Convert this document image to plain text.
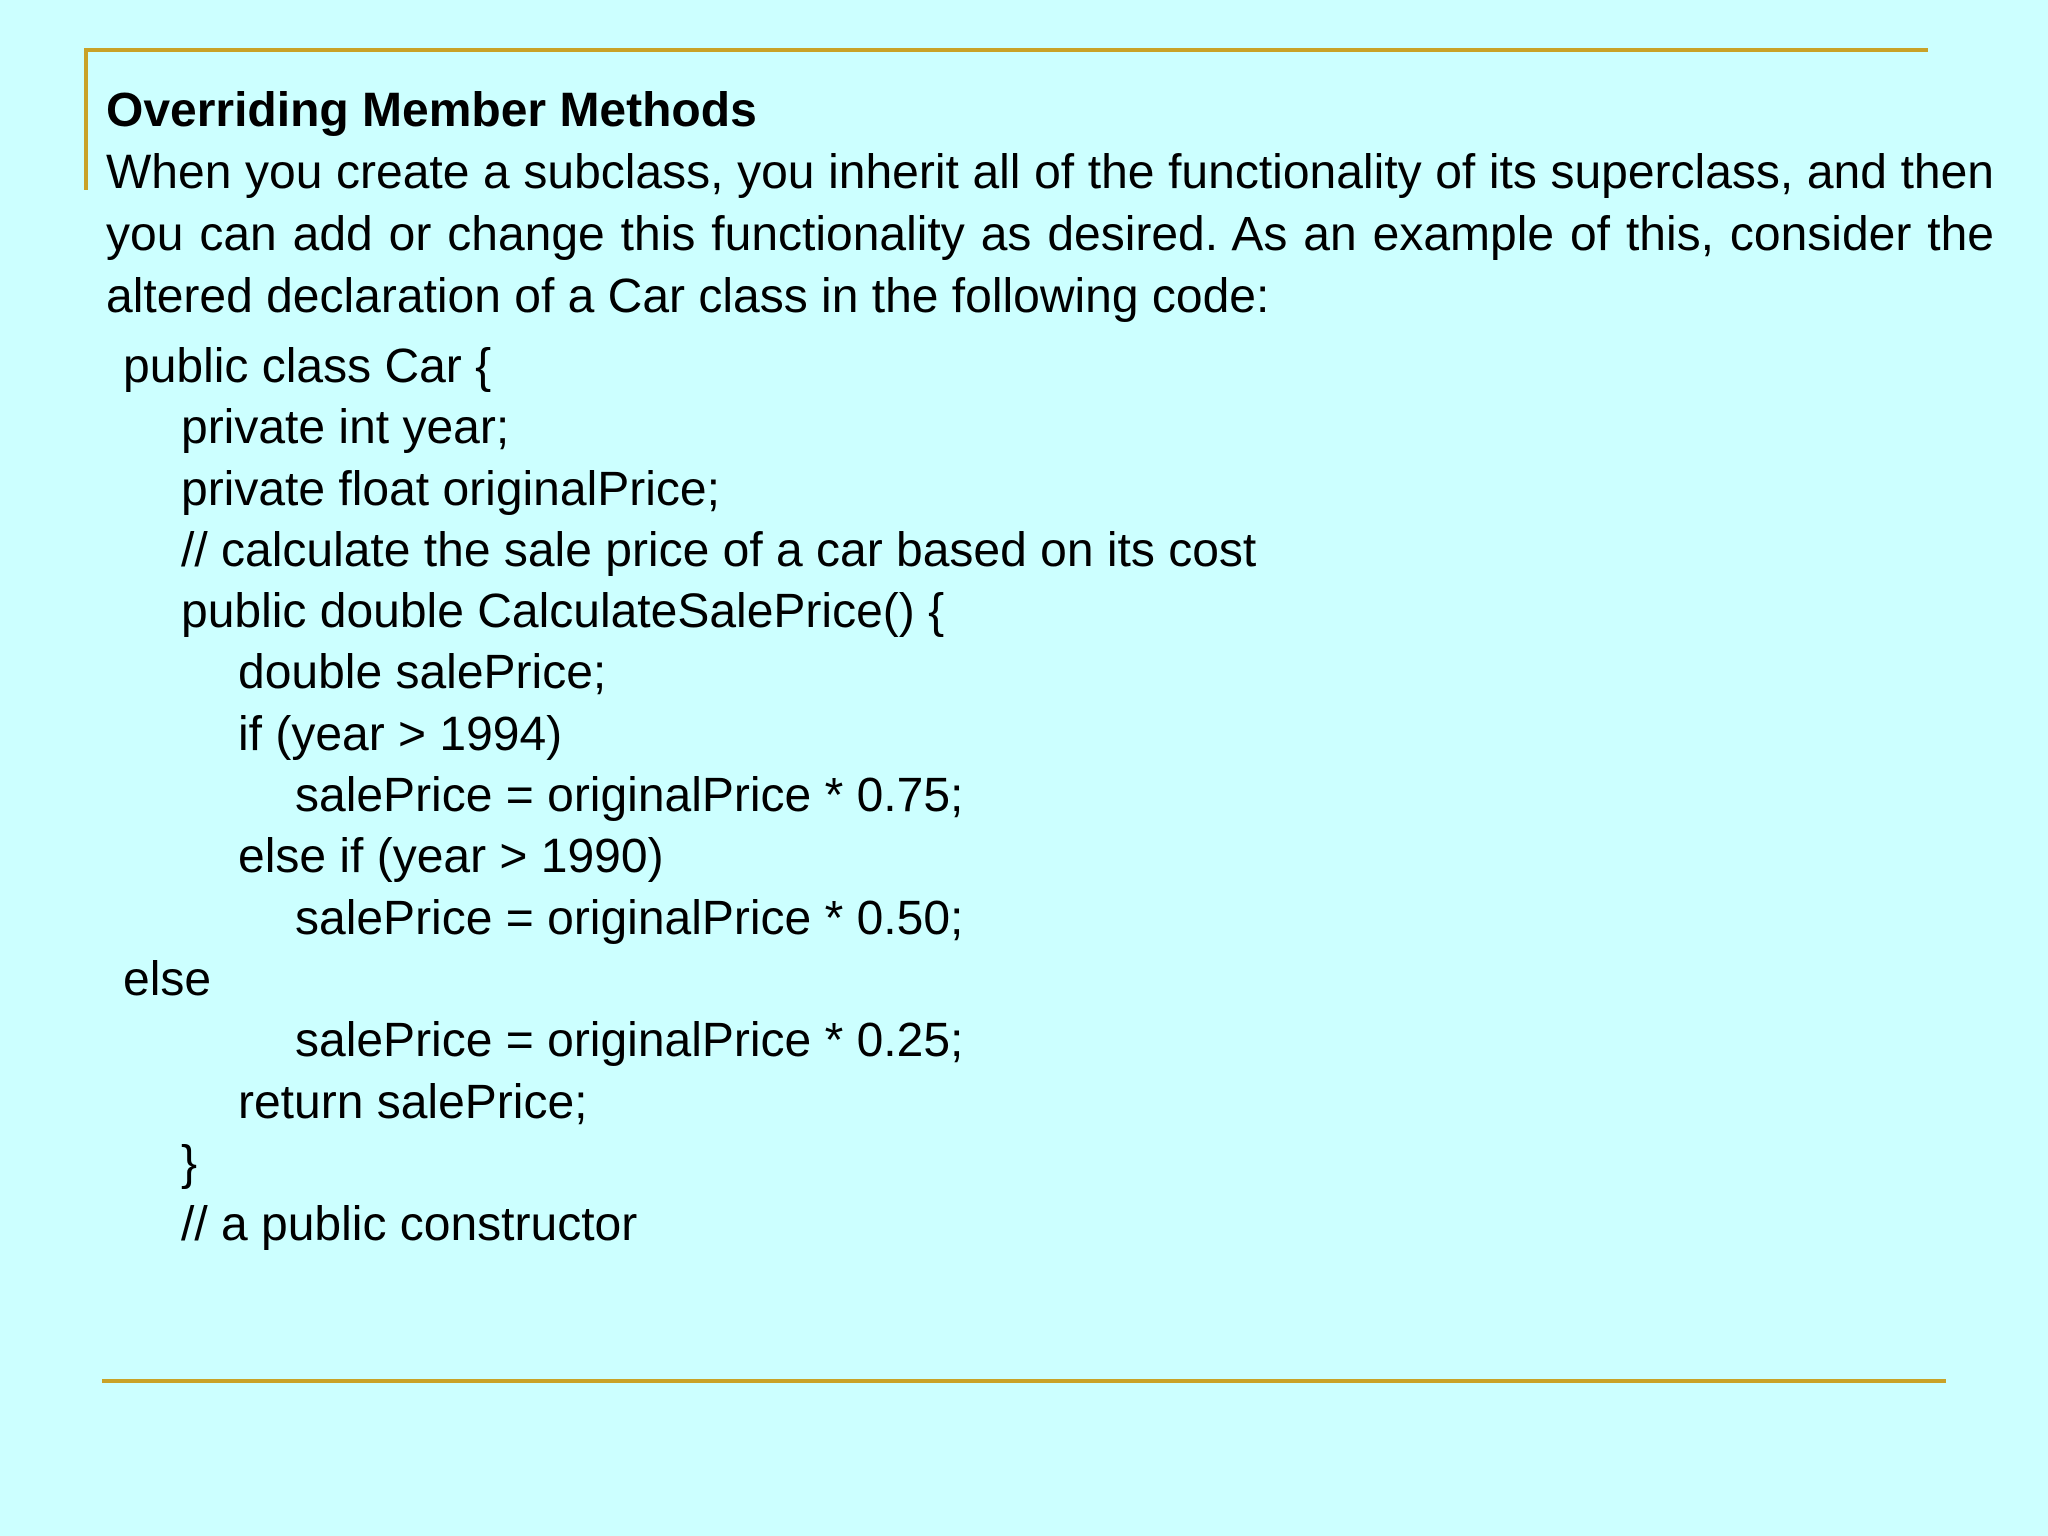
Overriding Member Methods

When you create a subclass, you inherit all of the functionality of its superclass, and then you can add or change this functionality as desired. As an example of this, consider the altered declaration of a Car class in the following code:

public class Car {
private int year;
private float originalPrice;
// calculate the sale price of a car based on its cost
public double CalculateSalePrice() {
double salePrice;
if (year > 1994)
salePrice = originalPrice * 0.75;
else if (year > 1990)
salePrice = originalPrice * 0.50;
else
salePrice = originalPrice * 0.25;
return salePrice;
}
// a public constructor
